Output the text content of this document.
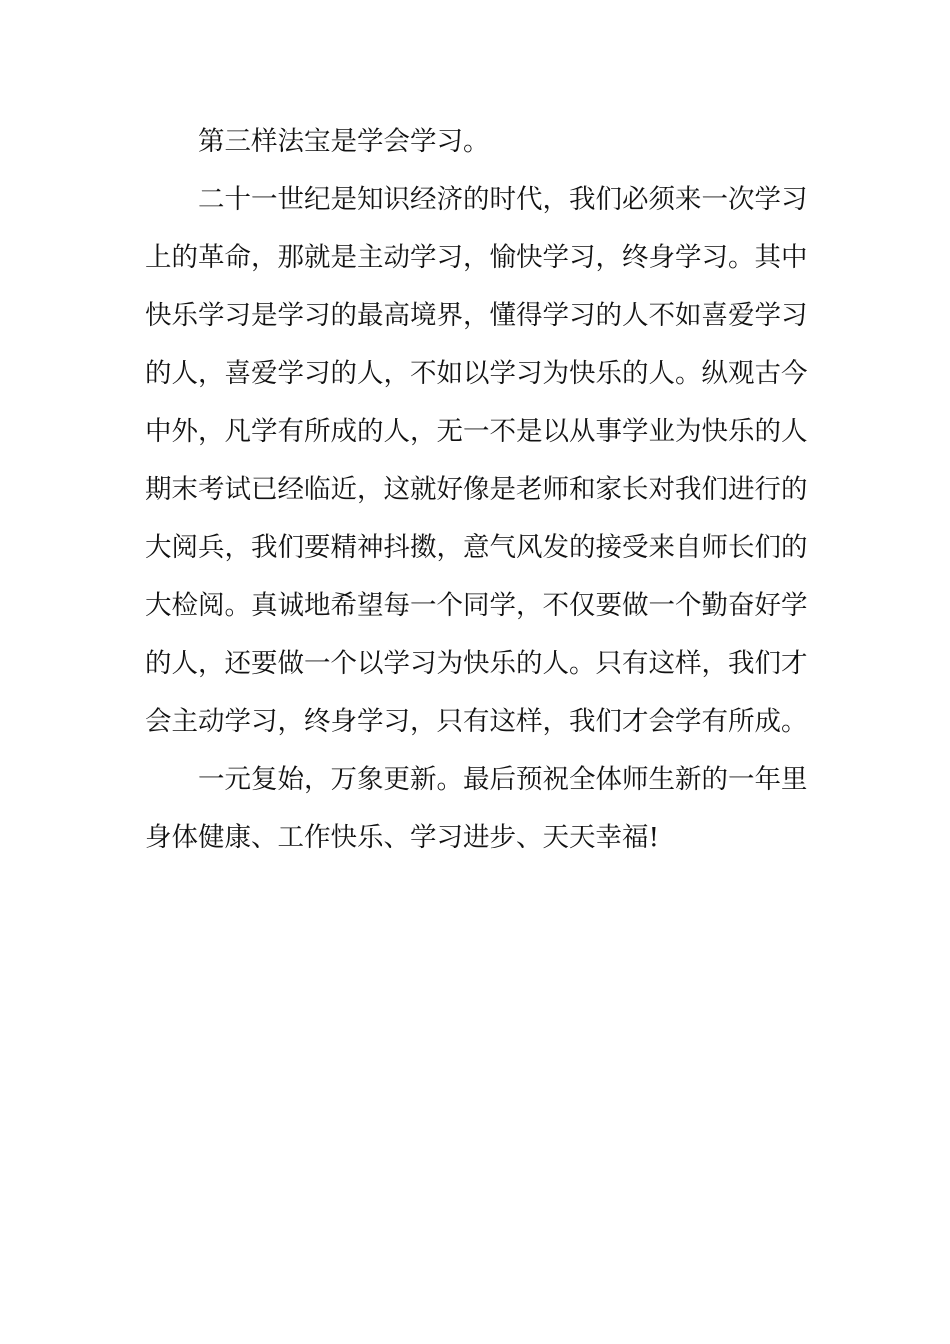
第三样法宝是学会学习。
二十一世纪是知识经济的时代，我们必须来一次学习
上的革命，那就是主动学习，愉快学习，终身学习。其中
快乐学习是学习的最高境界，懂得学习的人不如喜爱学习
的人，喜爱学习的人，不如以学习为快乐的人。纵观古今
中外，凡学有所成的人，无一不是以从事学业为快乐的人
期末考试已经临近，这就好像是老师和家长对我们进行的
大阅兵，我们要精神抖擞，意气风发的接受来自师长们的
大检阅。真诚地希望每一个同学，不仅要做一个勤奋好学
的人，还要做一个以学习为快乐的人。只有这样，我们才
会主动学习，终身学习，只有这样，我们才会学有所成。
一元复始，万象更新。最后预祝全体师生新的一年里
身体健康、工作快乐、学习进步、天天幸福!
